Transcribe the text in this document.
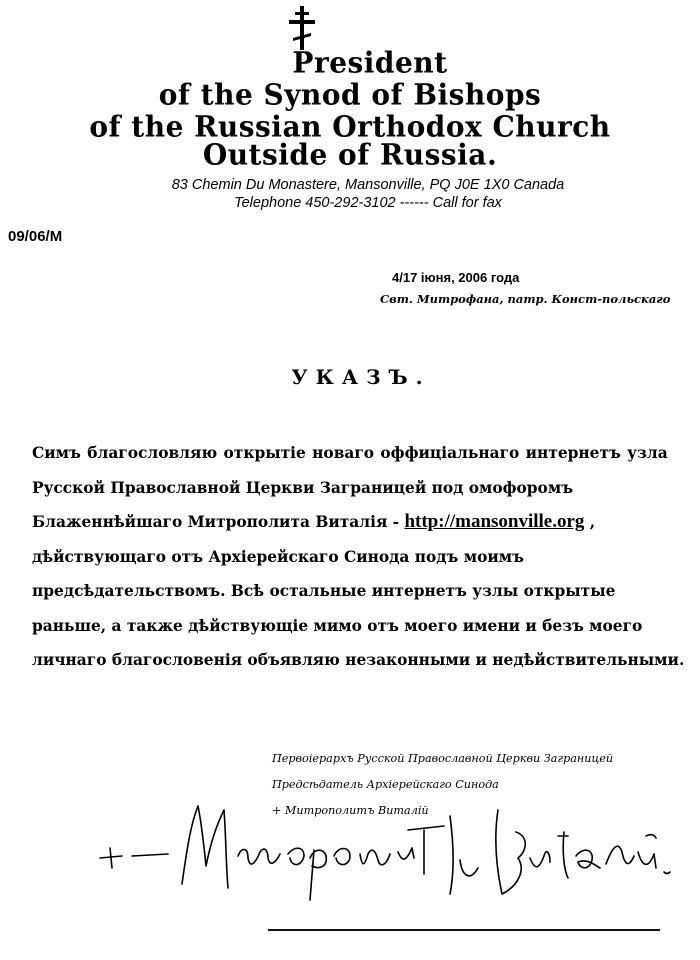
President
of the Synod of Bishops
of the Russian Orthodox Church
Outside of Russia.
83 Chemin Du Monastere, Mansonville, PQ J0E 1X0 Canada
Telephone 450-292-3102 ------ Call for fax
09/06/M
4/17 іюня, 2006 года
Свт. Митрофана, патр. Конст-польскаго
УКАЗЪ.
Симъ благословляю открытіе новаго оффиціальнаго интернетъ узла
Русской Православной Церкви Заграницей под омофоромъ
Блаженнѣйшаго Митрополита Виталія - http://mansonville.org ,
дѣйствующаго отъ Архіерейскаго Синода подъ моимъ
предсѣдательствомъ. Всѣ остальные интернетъ узлы открытые
раньше, а также дѣйствующіе мимо отъ моего имени и безъ моего
личнаго благословенія объявляю незаконными и недѣйствительными.
Первоіерархъ Русской Православной Церкви Заграницей
Предсѣдатель Архіерейскаго Синода
+ Митрополитъ Виталій
